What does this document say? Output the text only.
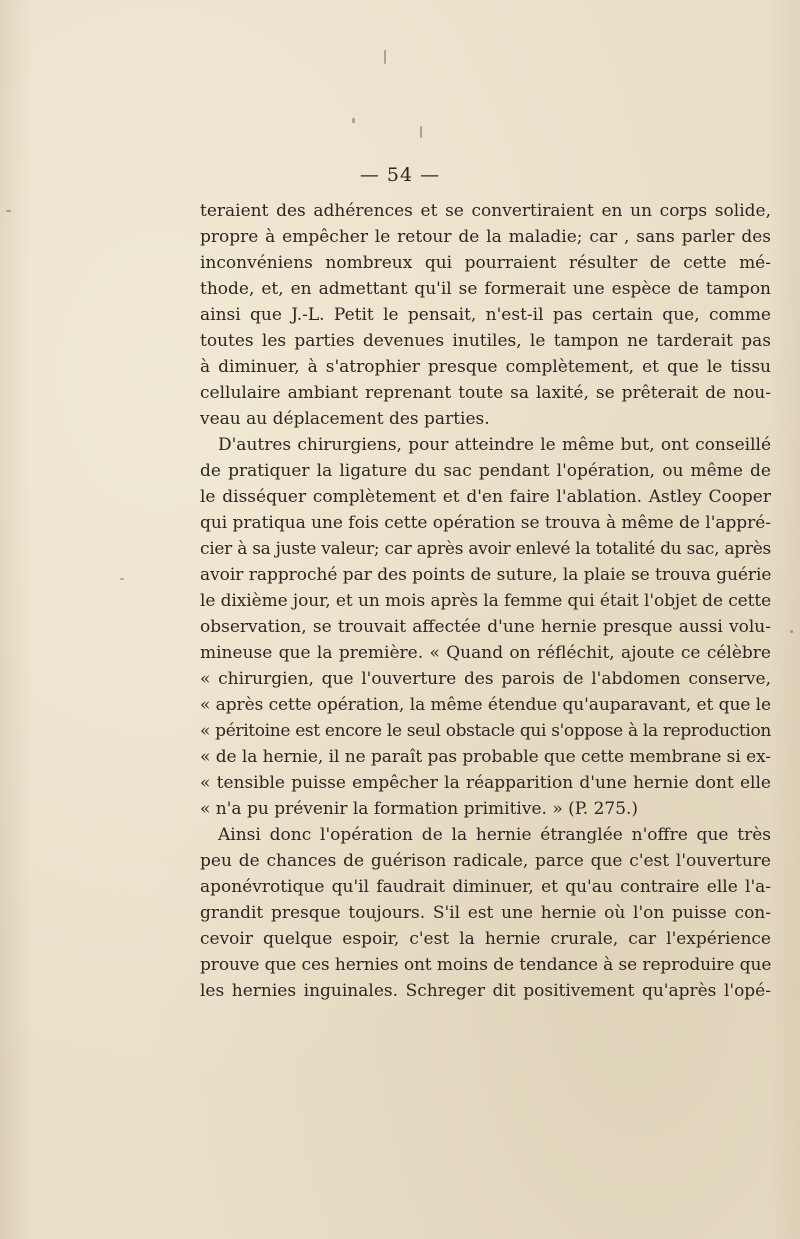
— 54 —
teraient des adhérences et se convertiraient en un corps solide,
propre à empêcher le retour de la maladie; car , sans parler des
inconvéniens nombreux qui pourraient résulter de cette mé-
thode, et, en admettant qu'il se formerait une espèce de tampon
ainsi que J.-L. Petit le pensait, n'est-il pas certain que, comme
toutes les parties devenues inutiles, le tampon ne tarderait pas
à diminuer, à s'atrophier presque complètement, et que le tissu
cellulaire ambiant reprenant toute sa laxité, se prêterait de nou-
veau au déplacement des parties.
D'autres chirurgiens, pour atteindre le même but, ont conseillé
de pratiquer la ligature du sac pendant l'opération, ou même de
le disséquer complètement et d'en faire l'ablation. Astley Cooper
qui pratiqua une fois cette opération se trouva à même de l'appré-
cier à sa juste valeur; car après avoir enlevé la totalité du sac, après
avoir rapproché par des points de suture, la plaie se trouva guérie
le dixième jour, et un mois après la femme qui était l'objet de cette
observation, se trouvait affectée d'une hernie presque aussi volu-
mineuse que la première. « Quand on réfléchit, ajoute ce célèbre
« chirurgien, que l'ouverture des parois de l'abdomen conserve,
« après cette opération, la même étendue qu'auparavant, et que le
« péritoine est encore le seul obstacle qui s'oppose à la reproduction
« de la hernie, il ne paraît pas probable que cette membrane si ex-
« tensible puisse empêcher la réapparition d'une hernie dont elle
« n'a pu prévenir la formation primitive. » (P. 275.)
Ainsi donc l'opération de la hernie étranglée n'offre que très
peu de chances de guérison radicale, parce que c'est l'ouverture
aponévrotique qu'il faudrait diminuer, et qu'au contraire elle l'a-
grandit presque toujours. S'il est une hernie où l'on puisse con-
cevoir quelque espoir, c'est la hernie crurale, car l'expérience
prouve que ces hernies ont moins de tendance à se reproduire que
les hernies inguinales. Schreger dit positivement qu'après l'opé-
